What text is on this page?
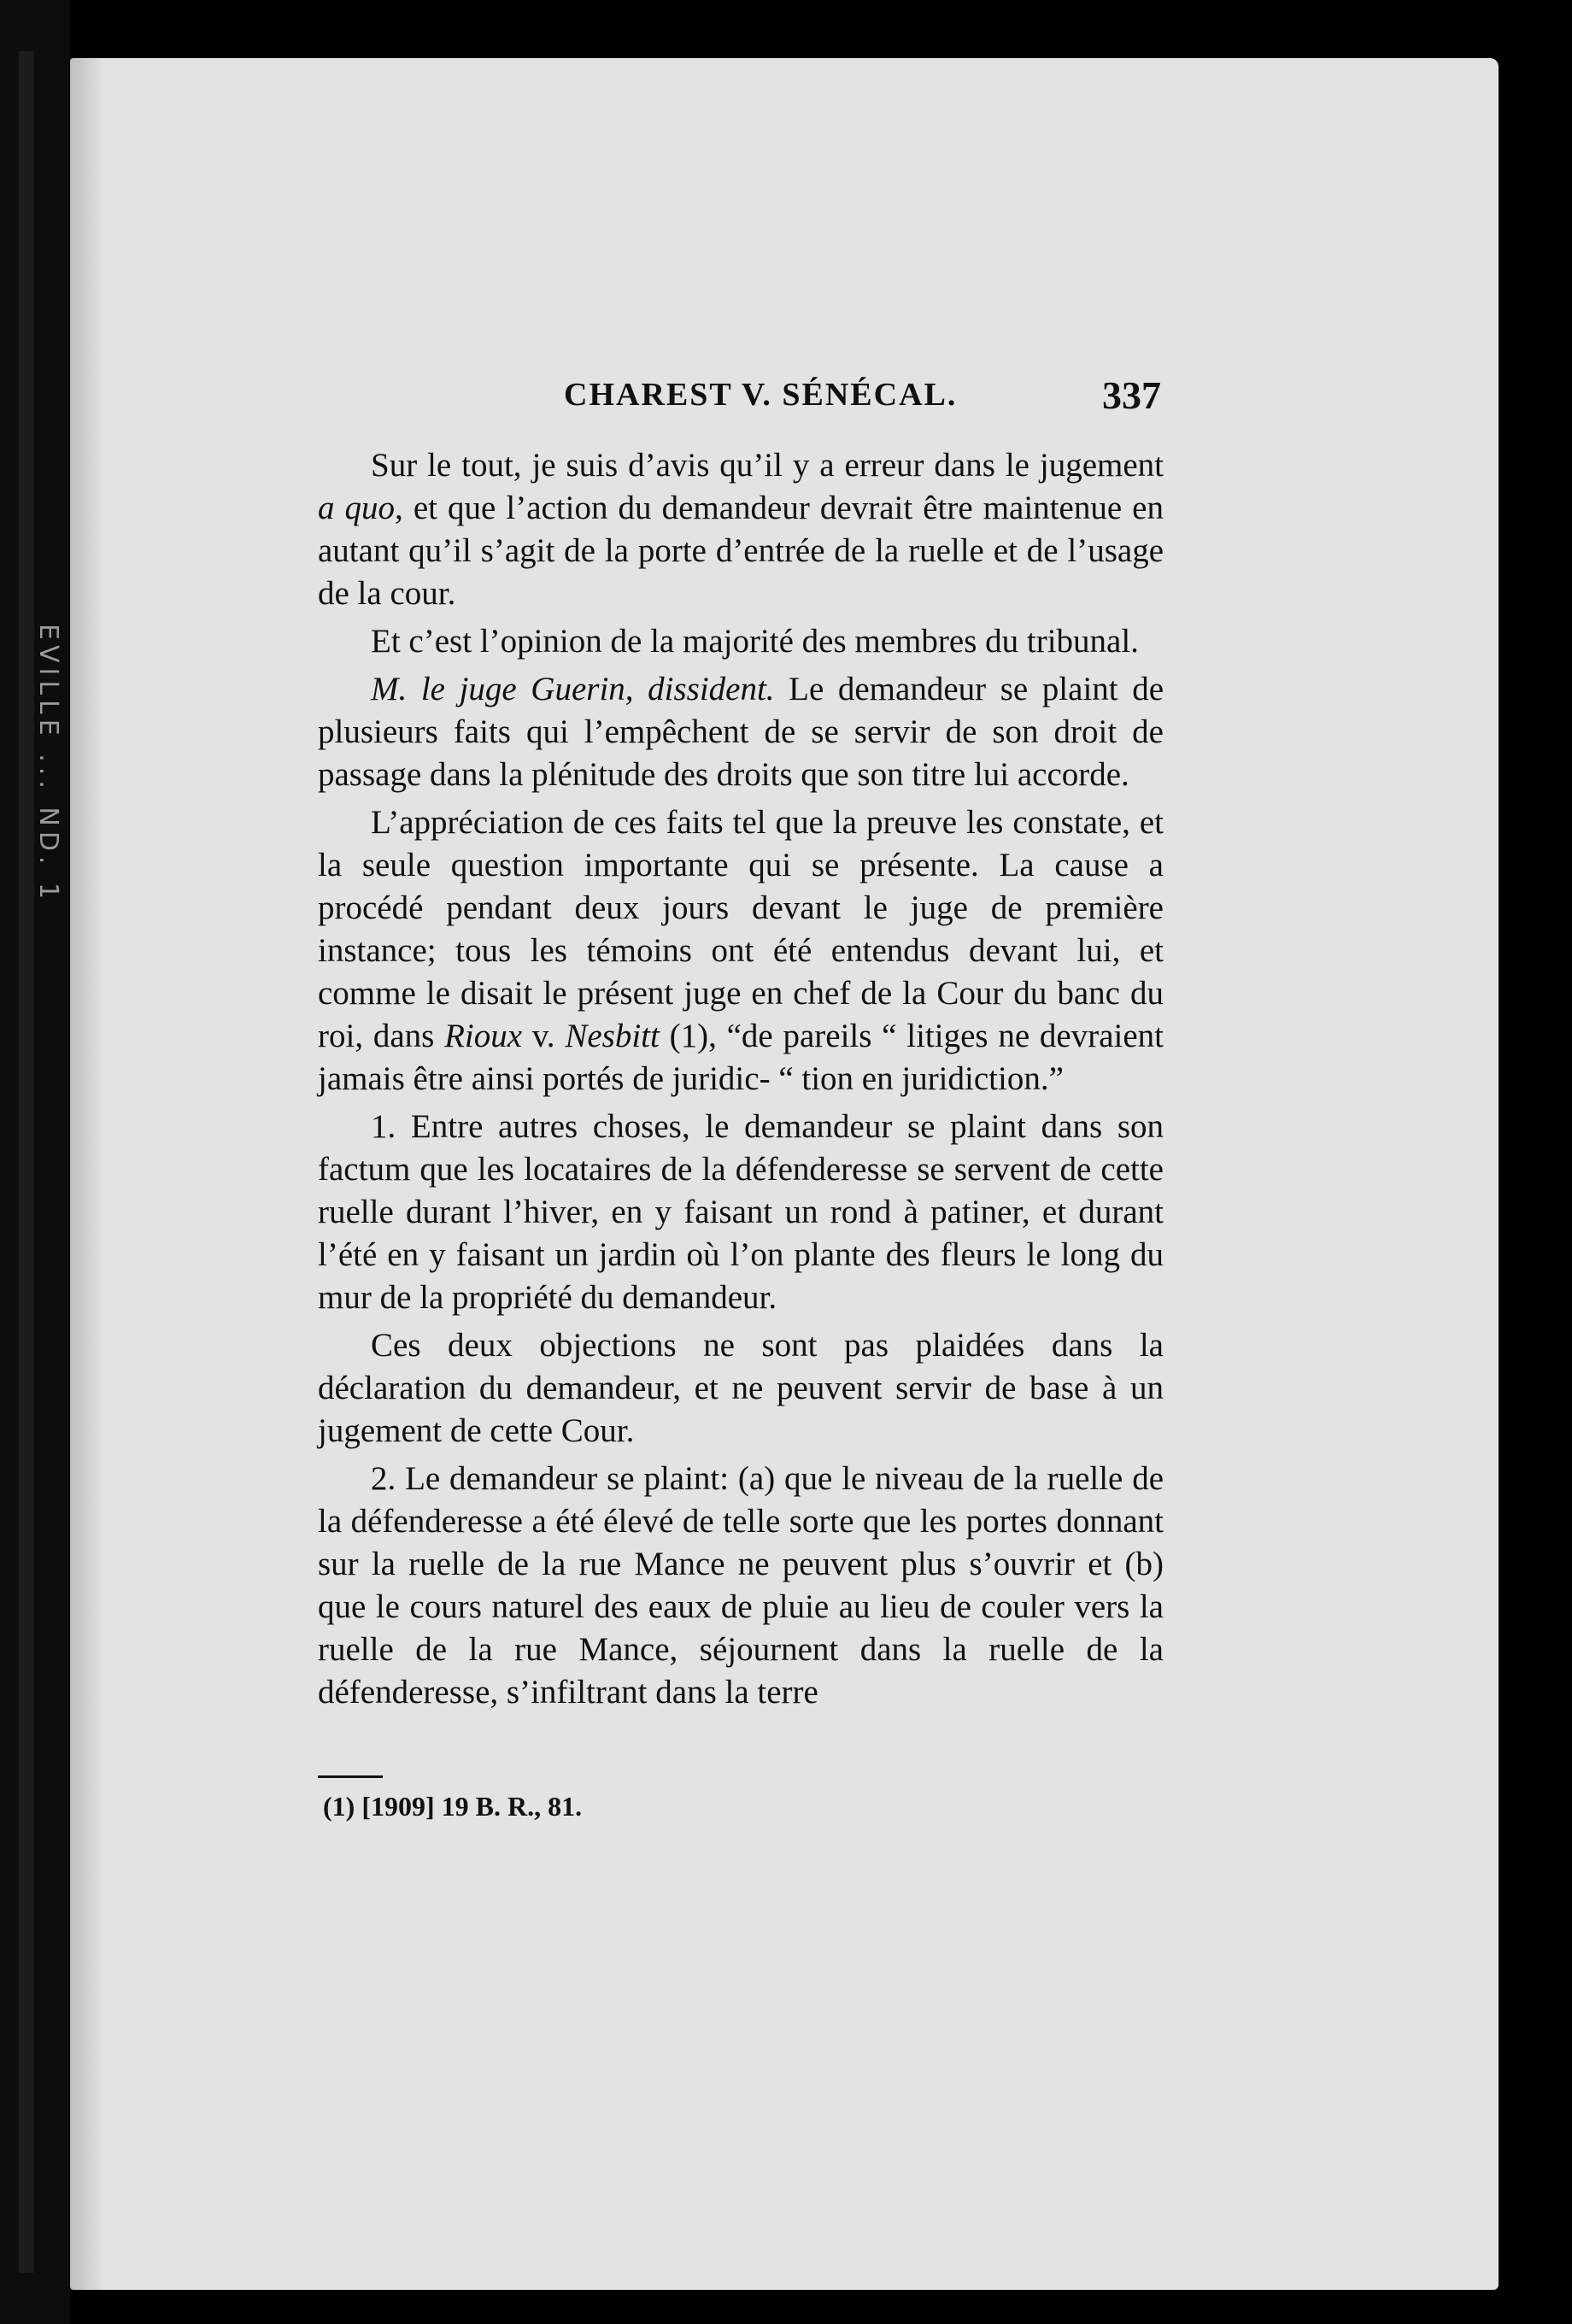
EVILLE ... ND. 1
CHAREST V. SÉNÉCAL.	337

Sur le tout, je suis d’avis qu’il y a erreur dans le jugement a quo, et que l’action du demandeur devrait être maintenue en autant qu’il s’agit de la porte d’entrée de la ruelle et de l’usage de la cour.

Et c’est l’opinion de la majorité des membres du tribunal.

M. le juge Guerin, dissident. Le demandeur se plaint de plusieurs faits qui l’empêchent de se servir de son droit de passage dans la plénitude des droits que son titre lui accorde.

L’appréciation de ces faits tel que la preuve les constate, et la seule question importante qui se présente. La cause a procédé pendant deux jours devant le juge de première instance; tous les témoins ont été entendus devant lui, et comme le disait le présent juge en chef de la Cour du banc du roi, dans Rioux v. Nesbitt (1), “de pareils “ litiges ne devraient jamais être ainsi portés de juridic- “ tion en juridiction.”

1. Entre autres choses, le demandeur se plaint dans son factum que les locataires de la défenderesse se servent de cette ruelle durant l’hiver, en y faisant un rond à patiner, et durant l’été en y faisant un jardin où l’on plante des fleurs le long du mur de la propriété du demandeur.

Ces deux objections ne sont pas plaidées dans la déclaration du demandeur, et ne peuvent servir de base à un jugement de cette Cour.

2. Le demandeur se plaint: (a) que le niveau de la ruelle de la défenderesse a été élevé de telle sorte que les portes donnant sur la ruelle de la rue Mance ne peuvent plus s’ouvrir et (b) que le cours naturel des eaux de pluie au lieu de couler vers la ruelle de la rue Mance, séjournent dans la ruelle de la défenderesse, s’infiltrant dans la terre

(1) [1909] 19 B. R., 81.
